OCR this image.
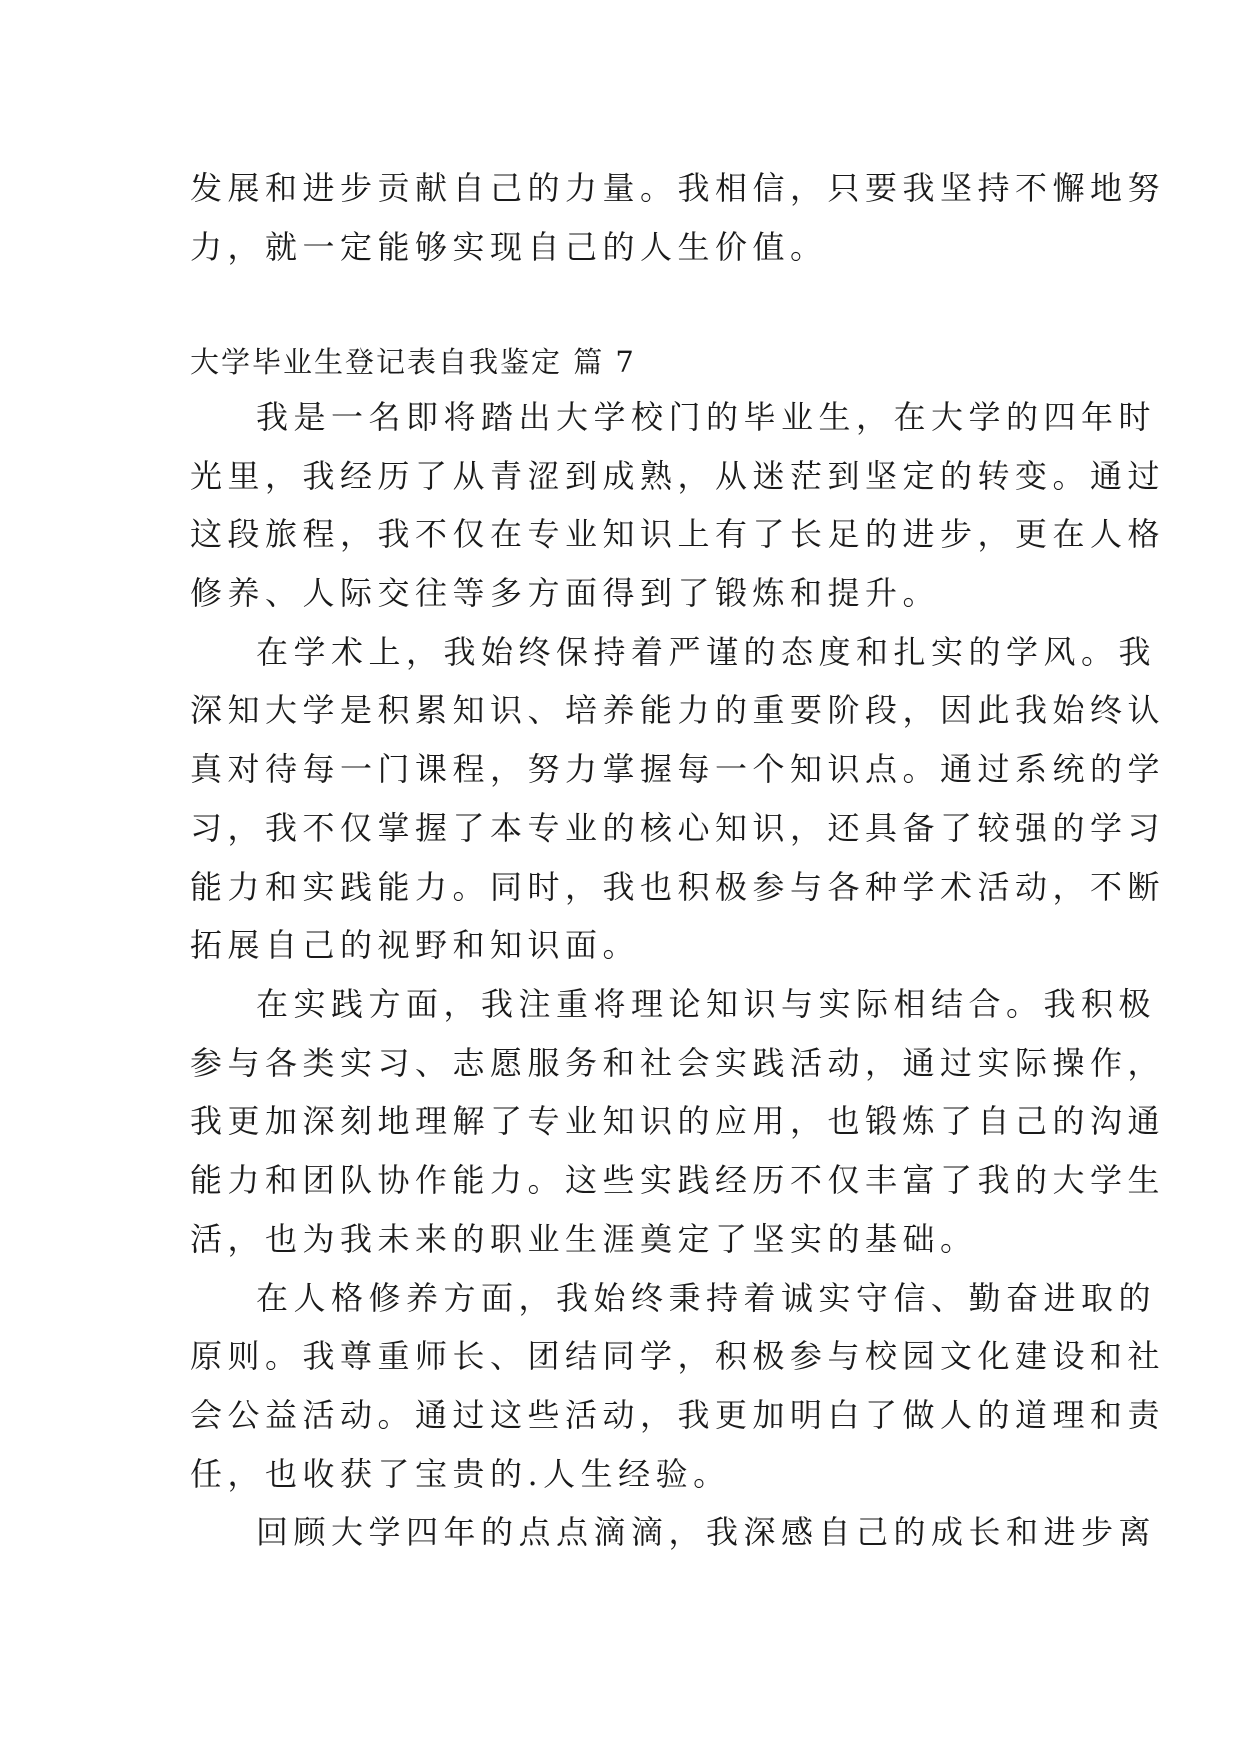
发展和进步贡献自己的力量。我相信，只要我坚持不懈地努
力，就一定能够实现自己的人生价值。
大学毕业生登记表自我鉴定 篇 7
我是一名即将踏出大学校门的毕业生，在大学的四年时
光里，我经历了从青涩到成熟，从迷茫到坚定的转变。通过
这段旅程，我不仅在专业知识上有了长足的进步，更在人格
修养、人际交往等多方面得到了锻炼和提升。
在学术上，我始终保持着严谨的态度和扎实的学风。我
深知大学是积累知识、培养能力的重要阶段，因此我始终认
真对待每一门课程，努力掌握每一个知识点。通过系统的学
习，我不仅掌握了本专业的核心知识，还具备了较强的学习
能力和实践能力。同时，我也积极参与各种学术活动，不断
拓展自己的视野和知识面。
在实践方面，我注重将理论知识与实际相结合。我积极
参与各类实习、志愿服务和社会实践活动，通过实际操作，
我更加深刻地理解了专业知识的应用，也锻炼了自己的沟通
能力和团队协作能力。这些实践经历不仅丰富了我的大学生
活，也为我未来的职业生涯奠定了坚实的基础。
在人格修养方面，我始终秉持着诚实守信、勤奋进取的
原则。我尊重师长、团结同学，积极参与校园文化建设和社
会公益活动。通过这些活动，我更加明白了做人的道理和责
任，也收获了宝贵的.人生经验。
回顾大学四年的点点滴滴，我深感自己的成长和进步离
